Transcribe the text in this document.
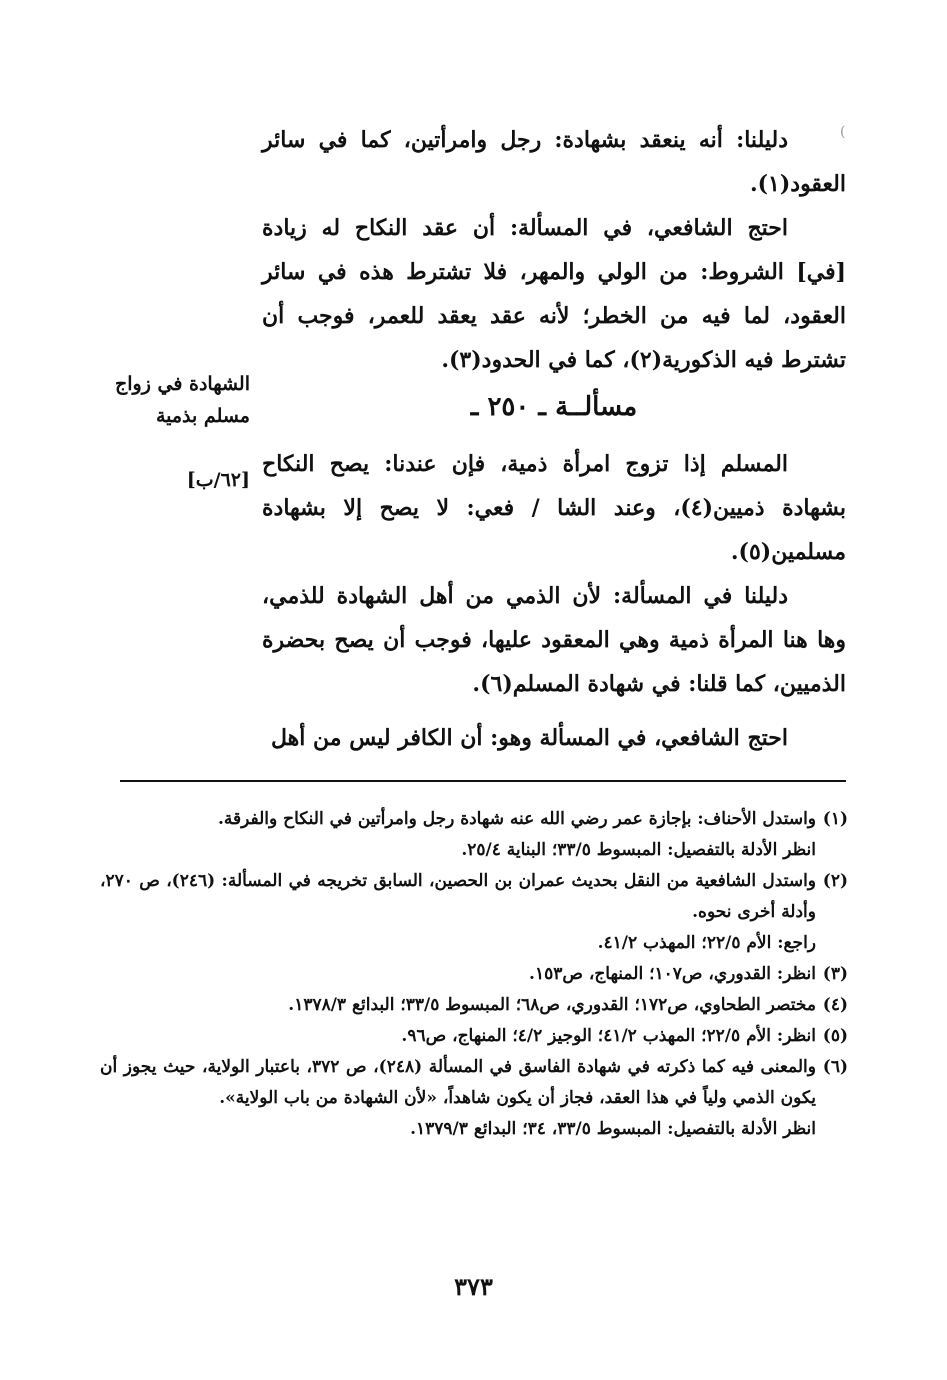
(

دليلنا: أنه ينعقد بشهادة: رجل وامرأتين، كما في سائر العقود(١).

احتج الشافعي، في المسألة: أن عقد النكاح له زيادة [في] الشروط: من الولي والمهر، فلا تشترط هذه في سائر العقود، لما فيه من الخطر؛ لأنه عقد يعقد للعمر، فوجب أن تشترط فيه الذكورية(٢)، كما في الحدود(٣).

مسألــة ـ ٢٥٠ ـ

المسلم إذا تزوج امرأة ذمية، فإن عندنا: يصح النكاح بشهادة ذميين(٤)، وعند الشا / فعي: لا يصح إلا بشهادة مسلمين(٥).

دليلنا في المسألة: لأن الذمي من أهل الشهادة للذمي، وها هنا المرأة ذمية وهي المعقود عليها، فوجب أن يصح بحضرة الذميين، كما قلنا: في شهادة المسلم(٦).

احتج الشافعي، في المسألة وهو: أن الكافر ليس من أهل

الشهادة في زواج
مسلم بذمية
[٦٢/ب]
(١)
واستدل الأحناف: بإجازة عمر رضي الله عنه شهادة رجل وامرأتين في النكاح والفرقة.
انظر الأدلة بالتفصيل: المبسوط ٣٣/٥؛ البناية ٢٥/٤.
(٢)
واستدل الشافعية من النقل بحديث عمران بن الحصين، السابق تخريجه في المسألة: (٢٤٦)، ص ٢٧٠، وأدلة أخرى نحوه.
راجع: الأم ٢٢/٥؛ المهذب ٤١/٢.
(٣)
انظر: القدوري، ص١٠٧؛ المنهاج، ص١٥٣.
(٤)
مختصر الطحاوي، ص١٧٢؛ القدوري، ص٦٨؛ المبسوط ٣٣/٥؛ البدائع ١٣٧٨/٣.
(٥)
انظر: الأم ٢٢/٥؛ المهذب ٤١/٢؛ الوجيز ٤/٢؛ المنهاج، ص٩٦.
(٦)
والمعنى فيه كما ذكرته في شهادة الفاسق في المسألة (٢٤٨)، ص ٣٧٢، باعتبار الولاية، حيث يجوز أن يكون الذمي ولياً في هذا العقد، فجاز أن يكون شاهداً، «لأن الشهادة من باب الولاية».
انظر الأدلة بالتفصيل: المبسوط ٣٣/٥، ٣٤؛ البدائع ١٣٧٩/٣.
٣٧٣
